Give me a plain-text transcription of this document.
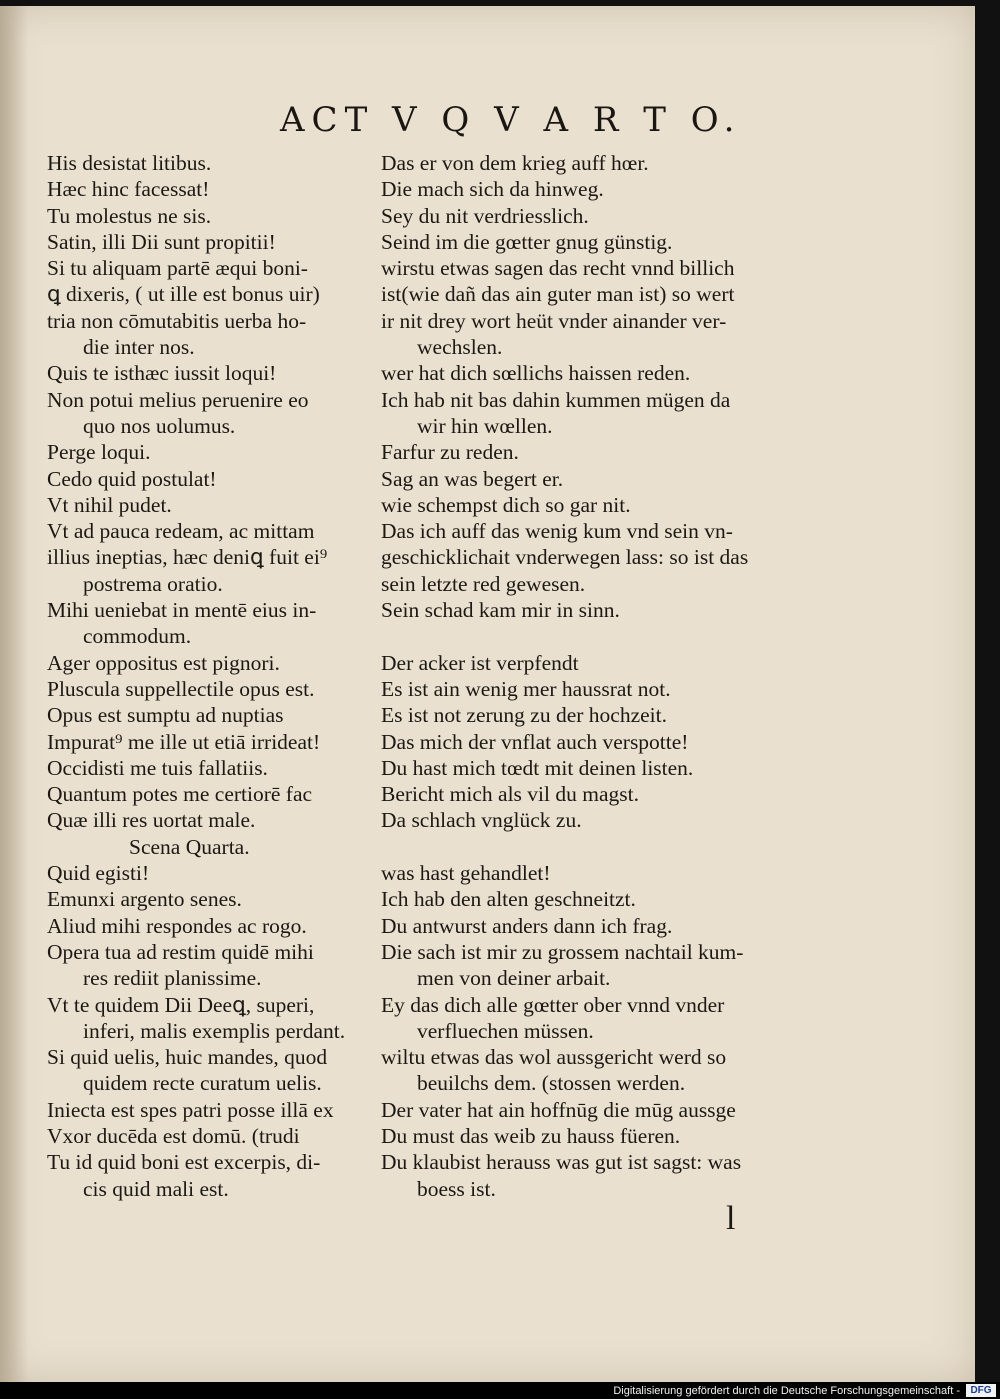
ACT V Q V A R T O.
His desistat litibus.
Hæc hinc facessat!
Tu molestus ne sis.
Satin, illi Dii sunt propitii!
Si tu aliquam partē æqui boni-
ꝗ dixeris, ( ut ille est bonus uir)
tria non cōmutabitis uerba ho-
die inter nos.
Quis te isthæc iussit loqui!
Non potui melius peruenire eo
quo nos uolumus.
Perge loqui.
Cedo quid postulat!
Vt nihil pudet.
Vt ad pauca redeam, ac mittam
illius ineptias, hæc deniꝗ fuit ei⁹
postrema oratio.
Mihi ueniebat in mentē eius in-
commodum.
Ager oppositus est pignori.
Pluscula suppellectile opus est.
Opus est sumptu ad nuptias
Impurat⁹ me ille ut etiā irrideat!
Occidisti me tuis fallatiis.
Quantum potes me certiorē fac
Quæ illi res uortat male.
Scena Quarta.
Quid egisti!
Emunxi argento senes.
Aliud mihi respondes ac rogo.
Opera tua ad restim quidē mihi
res rediit planissime.
Vt te quidem Dii Deeꝗ, superi,
inferi, malis exemplis perdant.
Si quid uelis, huic mandes, quod
quidem recte curatum uelis.
Iniecta est spes patri posse illā ex
Vxor ducēda est domū. (trudi
Tu id quid boni est excerpis, di-
cis quid mali est.
Das er von dem krieg auff hœr.
Die mach sich da hinweg.
Sey du nit verdriesslich.
Seind im die gœtter gnug günstig.
wirstu etwas sagen das recht vnnd billich
ist(wie dañ das ain guter man ist) so wert
ir nit drey wort heüt vnder ainander ver-
wechslen.
wer hat dich sœllichs haissen reden.
Ich hab nit bas dahin kummen mügen da
wir hin wœllen.
Farfur zu reden.
Sag an was begert er.
wie schempst dich so gar nit.
Das ich auff das wenig kum vnd sein vn-
geschicklichait vnderwegen lass: so ist das
sein letzte red gewesen.
Sein schad kam mir in sinn.
Der acker ist verpfendt
Es ist ain wenig mer haussrat not.
Es ist not zerung zu der hochzeit.
Das mich der vnflat auch verspotte!
Du hast mich tœdt mit deinen listen.
Bericht mich als vil du magst.
Da schlach vnglück zu.
was hast gehandlet!
Ich hab den alten geschneitzt.
Du antwurst anders dann ich frag.
Die sach ist mir zu grossem nachtail kum-
men von deiner arbait.
Ey das dich alle gœtter ober vnnd vnder
verfluechen müssen.
wiltu etwas das wol aussgericht werd so
beuilchs dem. (stossen werden.
Der vater hat ain hoffnūg die mūg aussge
Du must das weib zu hauss füeren.
Du klaubist herauss was gut ist sagst: was
boess ist.
l
Digitalisierung gefördert durch die Deutsche Forschungsgemeinschaft -	DFG
